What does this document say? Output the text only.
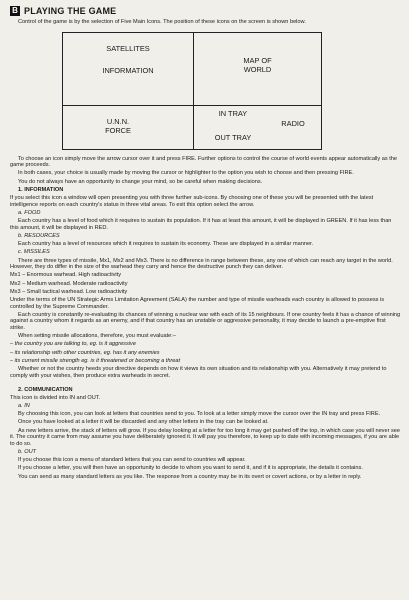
B PLAYING THE GAME

Control of the game is by the selection of Five Main Icons. The position of these icons on the screen is shown below.

SATELLITES
INFORMATION
MAP OF
WORLD
U.N.N.
FORCE
IN TRAY
RADIO
OUT TRAY

To choose an icon simply move the arrow cursor over it and press FIRE. Further options to control the course of world events appear automatically as the game proceeds.

In both cases, your choice is usually made by moving the cursor or highlighter to the option you wish to choose and then pressing FIRE.

You do not always have an opportunity to change your mind, so be careful when making decisions.

1. INFORMATION

If you select this icon a window will open presenting you with three further sub-icons. By choosing one of these you will be presented with the latest intelligence reports on each country's status in three vital areas. To exit this option select the arrow.

a. FOOD

Each country has a level of food which it requires to sustain its population. If it has at least this amount, it will be displayed in GREEN. If it has less than this amount, it will be displayed in RED.

b. RESOURCES

Each country has a level of resources which it requires to sustain its economy. These are displayed in a similar manner.

c. MISSILES

There are three types of missile, Mx1, Mx2 and Mx3. There is no difference in range between these, any one of which can reach any target in the world. However, they do differ in the size of the warhead they carry and hence the destructive punch they can deliver.

Mx1 – Enormous warhead. High radioactivity

Mx2 – Medium warhead. Moderate radioactivity

Mx3 – Small tactical warhead. Low radioactivity

Under the terms of the UN Strategic Arms Limitation Agreement (SALA) the number and type of missile warheads each country is allowed to possess is controlled by the Supreme Commander.

Each country is constantly re-evaluating its chances of winning a nuclear war with each of its 15 neighbours. If one country feels it has a chance of winning against a country whom it regards as an enemy, and if that country has an unstable or aggressive personality, it may decide to launch a pre-emptive first strike.

When setting missile allocations, therefore, you must evaluate:–

– the country you are talking to, eg. is it aggressive

– its relationship with other countries, eg. has it any enemies

– its current missile strength eg. is it threatened or becoming a threat

Whether or not the country heeds your directive depends on how it views its own situation and its relationship with you. Alternatively it may pretend to comply with your wishes, then produce extra warheads in secret.

2. COMMUNICATION

This icon is divided into IN and OUT.

a. IN

By choosing this icon, you can look at letters that countries send to you. To look at a letter simply move the cursor over the IN tray and press FIRE.

Once you have looked at a letter it will be discarded and any other letters in the tray can be looked at.

As new letters arrive, the stack of letters will grow. If you delay looking at a letter for too long it may get pushed off the top, in which case you will never see it. The country it came from may assume you have deliberately ignored it. It will pay you therefore, to keep up to date with incoming messages, if you are able to do so.

b. OUT

If you choose this icon a menu of standard letters that you can send to countries will appear.

If you choose a letter, you will then have an opportunity to decide to whom you want to send it, and if it is appropriate, the details it contains.

You can send as many standard letters as you like. The response from a country may be in its overt or covert actions, or by a letter in reply.
